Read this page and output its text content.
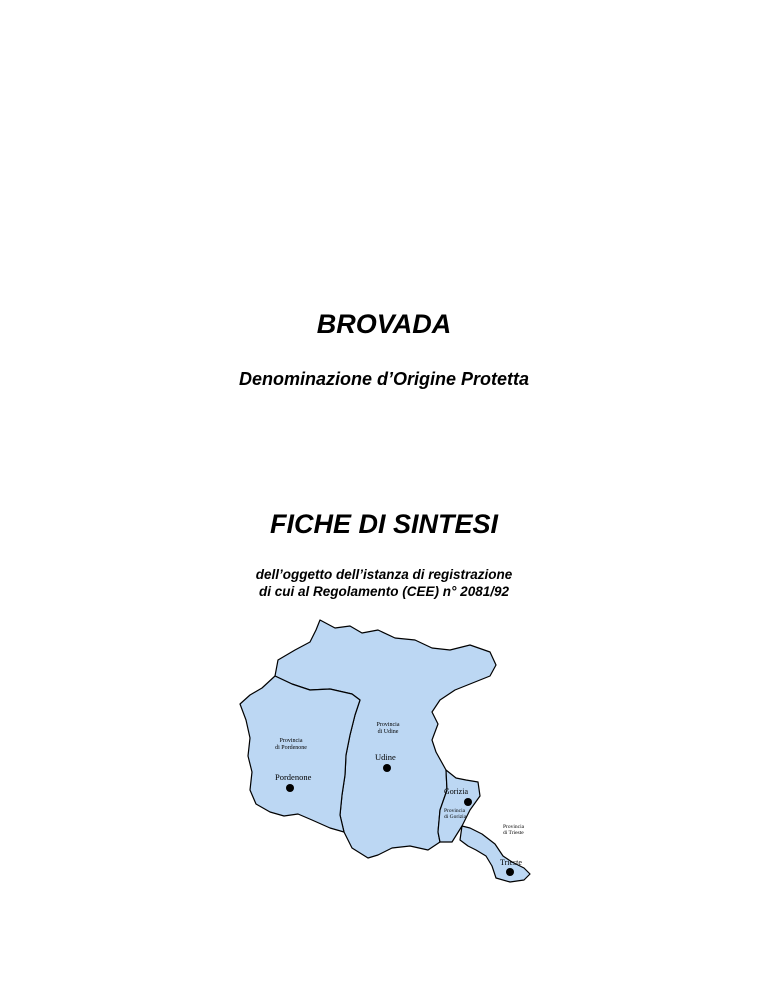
BROVADA
Denominazione d’Origine Protetta
FICHE DI SINTESI
dell’oggetto dell’istanza di registrazione
di cui al Regolamento (CEE) n° 2081/92
Provincia
di Udine
Provincia
di Pordenone
Provincia
di Gorizia
Provincia
di Trieste
Udine
Pordenone
Gorizia
Trieste
